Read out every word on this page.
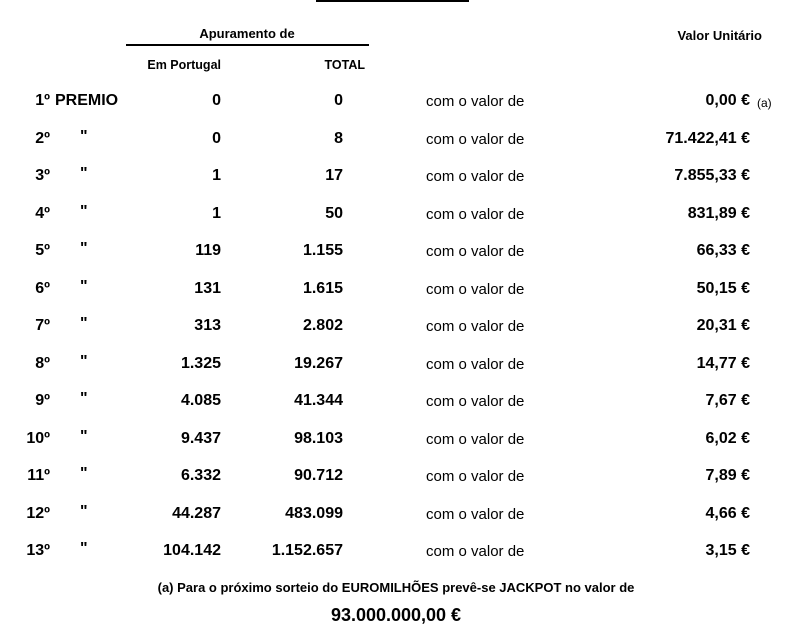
Apuramento de
Em Portugal	TOTAL
Valor Unitário
1º PREMIO	0	0	com o valor de	0,00 € (a)
2º "	0	8	com o valor de	71.422,41 €
3º "	1	17	com o valor de	7.855,33 €
4º "	1	50	com o valor de	831,89 €
5º "	119	1.155	com o valor de	66,33 €
6º "	131	1.615	com o valor de	50,15 €
7º "	313	2.802	com o valor de	20,31 €
8º "	1.325	19.267	com o valor de	14,77 €
9º "	4.085	41.344	com o valor de	7,67 €
10º "	9.437	98.103	com o valor de	6,02 €
11º "	6.332	90.712	com o valor de	7,89 €
12º "	44.287	483.099	com o valor de	4,66 €
13º "	104.142	1.152.657	com o valor de	3,15 €
(a) Para o próximo sorteio do EUROMILHÕES prevê-se JACKPOT no valor de
93.000.000,00 €
